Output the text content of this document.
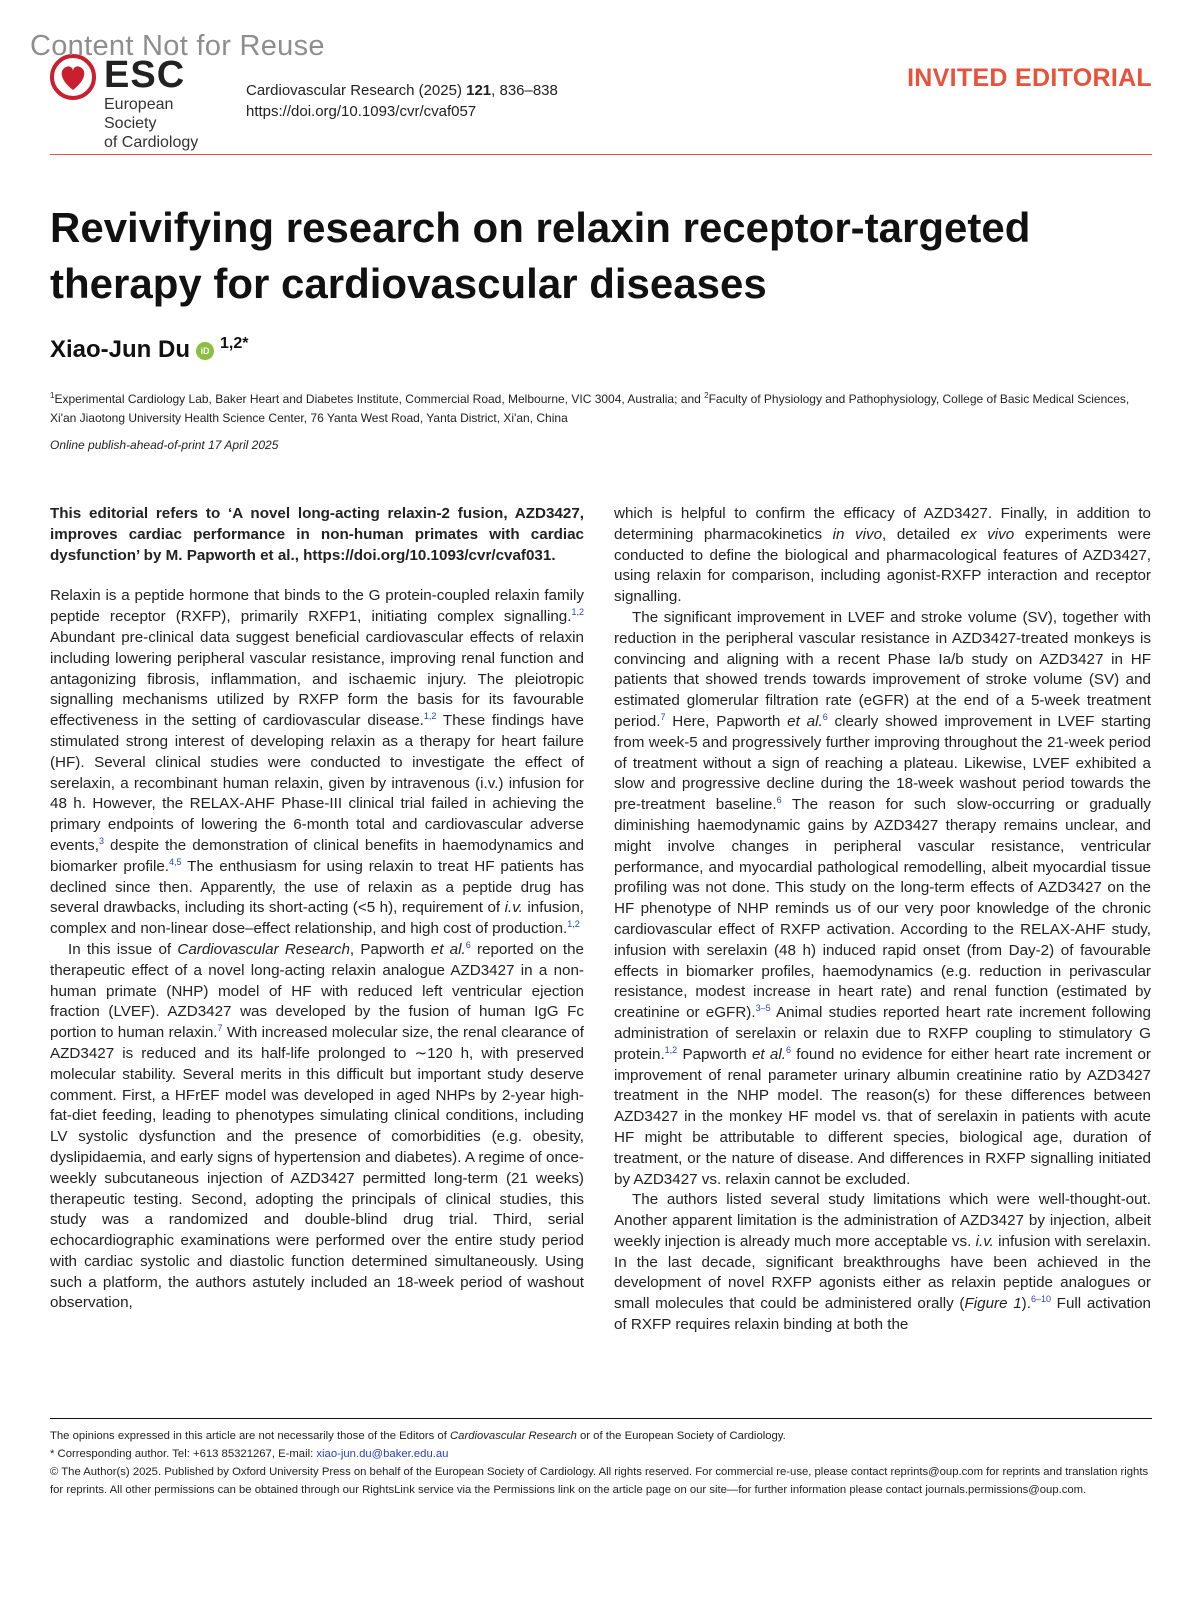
Content Not for Reuse
ESC
European Society
of Cardiology
Cardiovascular Research (2025) 121, 836–838
https://doi.org/10.1093/cvr/cvaf057
INVITED EDITORIAL
Revivifying research on relaxin receptor-targeted therapy for cardiovascular diseases
Xiao-Jun Du iD $^{1,2*}$
$^1$Experimental Cardiology Lab, Baker Heart and Diabetes Institute, Commercial Road, Melbourne, VIC 3004, Australia; and $^2$Faculty of Physiology and Pathophysiology, College of Basic Medical Sciences, Xi'an Jiaotong University Health Science Center, 76 Yanta West Road, Yanta District, Xi'an, China
Online publish-ahead-of-print 17 April 2025

This editorial refers to ‘A novel long-acting relaxin-2 fusion, AZD3427, improves cardiac performance in non-human primates with cardiac dysfunction’ by M. Papworth et al., https://doi.org/10.1093/cvr/cvaf031.

Relaxin is a peptide hormone that binds to the G protein-coupled relaxin family peptide receptor (RXFP), primarily RXFP1, initiating complex signalling.$^{1,2}$ Abundant pre-clinical data suggest beneficial cardiovascular effects of relaxin including lowering peripheral vascular resistance, improving renal function and antagonizing fibrosis, inflammation, and ischaemic injury. The pleiotropic signalling mechanisms utilized by RXFP form the basis for its favourable effectiveness in the setting of cardiovascular disease.$^{1,2}$ These findings have stimulated strong interest of developing relaxin as a therapy for heart failure (HF). Several clinical studies were conducted to investigate the effect of serelaxin, a recombinant human relaxin, given by intravenous (i.v.) infusion for 48 h. However, the RELAX-AHF Phase-III clinical trial failed in achieving the primary endpoints of lowering the 6-month total and cardiovascular adverse events,$^3$ despite the demonstration of clinical benefits in haemodynamics and biomarker profile.$^{4,5}$ The enthusiasm for using relaxin to treat HF patients has declined since then. Apparently, the use of relaxin as a peptide drug has several drawbacks, including its short-acting (<5 h), requirement of i.v. infusion, complex and non-linear dose–effect relationship, and high cost of production.$^{1,2}$

In this issue of Cardiovascular Research, Papworth et al.$^6$ reported on the therapeutic effect of a novel long-acting relaxin analogue AZD3427 in a non-human primate (NHP) model of HF with reduced left ventricular ejection fraction (LVEF). AZD3427 was developed by the fusion of human IgG Fc portion to human relaxin.$^7$ With increased molecular size, the renal clearance of AZD3427 is reduced and its half-life prolonged to ∼120 h, with preserved molecular stability. Several merits in this difficult but important study deserve comment. First, a HFrEF model was developed in aged NHPs by 2-year high-fat-diet feeding, leading to phenotypes simulating clinical conditions, including LV systolic dysfunction and the presence of comorbidities (e.g. obesity, dyslipidaemia, and early signs of hypertension and diabetes). A regime of once-weekly subcutaneous injection of AZD3427 permitted long-term (21 weeks) therapeutic testing. Second, adopting the principals of clinical studies, this study was a randomized and double-blind drug trial. Third, serial echocardiographic examinations were performed over the entire study period with cardiac systolic and diastolic function determined simultaneously. Using such a platform, the authors astutely included an 18-week period of washout observation,

which is helpful to confirm the efficacy of AZD3427. Finally, in addition to determining pharmacokinetics in vivo, detailed ex vivo experiments were conducted to define the biological and pharmacological features of AZD3427, using relaxin for comparison, including agonist-RXFP interaction and receptor signalling.

The significant improvement in LVEF and stroke volume (SV), together with reduction in the peripheral vascular resistance in AZD3427-treated monkeys is convincing and aligning with a recent Phase Ia/b study on AZD3427 in HF patients that showed trends towards improvement of stroke volume (SV) and estimated glomerular filtration rate (eGFR) at the end of a 5-week treatment period.$^7$ Here, Papworth et al.$^6$ clearly showed improvement in LVEF starting from week-5 and progressively further improving throughout the 21-week period of treatment without a sign of reaching a plateau. Likewise, LVEF exhibited a slow and progressive decline during the 18-week washout period towards the pre-treatment baseline.$^6$ The reason for such slow-occurring or gradually diminishing haemodynamic gains by AZD3427 therapy remains unclear, and might involve changes in peripheral vascular resistance, ventricular performance, and myocardial pathological remodelling, albeit myocardial tissue profiling was not done. This study on the long-term effects of AZD3427 on the HF phenotype of NHP reminds us of our very poor knowledge of the chronic cardiovascular effect of RXFP activation. According to the RELAX-AHF study, infusion with serelaxin (48 h) induced rapid onset (from Day-2) of favourable effects in biomarker profiles, haemodynamics (e.g. reduction in perivascular resistance, modest increase in heart rate) and renal function (estimated by creatinine or eGFR).$^{3-5}$ Animal studies reported heart rate increment following administration of serelaxin or relaxin due to RXFP coupling to stimulatory G protein.$^{1,2}$ Papworth et al.$^6$ found no evidence for either heart rate increment or improvement of renal parameter urinary albumin creatinine ratio by AZD3427 treatment in the NHP model. The reason(s) for these differences between AZD3427 in the monkey HF model vs. that of serelaxin in patients with acute HF might be attributable to different species, biological age, duration of treatment, or the nature of disease. And differences in RXFP signalling initiated by AZD3427 vs. relaxin cannot be excluded.

The authors listed several study limitations which were well-thought-out. Another apparent limitation is the administration of AZD3427 by injection, albeit weekly injection is already much more acceptable vs. i.v. infusion with serelaxin. In the last decade, significant breakthroughs have been achieved in the development of novel RXFP agonists either as relaxin peptide analogues or small molecules that could be administered orally (Figure 1).$^{6-10}$ Full activation of RXFP requires relaxin binding at both the

The opinions expressed in this article are not necessarily those of the Editors of Cardiovascular Research or of the European Society of Cardiology.

* Corresponding author. Tel: +613 85321267, E-mail: xiao-jun.du@baker.edu.au

© The Author(s) 2025. Published by Oxford University Press on behalf of the European Society of Cardiology. All rights reserved. For commercial re-use, please contact reprints@oup.com for reprints and translation rights for reprints. All other permissions can be obtained through our RightsLink service via the Permissions link on the article page on our site—for further information please contact journals.permissions@oup.com.
